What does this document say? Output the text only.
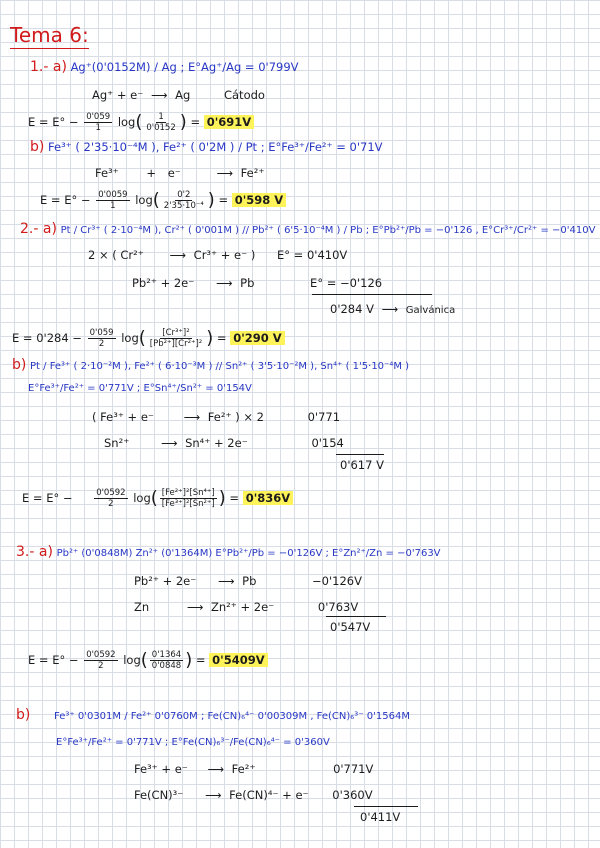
Tema 6:
1.- a) Ag⁺(0'0152M) / Ag ; E°Ag⁺/Ag = 0'799V
Ag⁺ + e⁻ ⟶ Ag	Cátodo
$E = E^\circ - \frac{0'059}{1} \log( \frac{1}{0'0152}$ ) = 0'691V
b) Fe³⁺ ( 2'35·10⁻⁴M ), Fe²⁺ ( 0'2M ) / Pt ; E°Fe³⁺/Fe²⁺ = 0'71V
Fe³⁺ + e⁻	⟶ Fe²⁺
$E = E^\circ - \frac{0'0059}{1} \log( \frac{0'2}{\text{2'35·10⁻⁴}}$ ) = 0'598 V
2.- a) Pt / Cr³⁺ ( 2·10⁻⁴M ), Cr²⁺ ( 0'001M ) // Pb²⁺ ( 6'5·10⁻⁴M ) / Pb ; E°Pb²⁺/Pb = −0'126 , E°Cr³⁺/Cr²⁺ = −0'410V
2 × ( Cr²⁺ ⟶ Cr³⁺ + e⁻ ) E° = 0'410V
Pb²⁺ + 2e⁻ ⟶ Pb	E° = −0'126
0'284 V ⟶ Galvánica
$E = 0'284 - \frac{0'059}{2} \log( \frac{\text{[Cr³⁺]²}}{\text{[Pb²⁺][Cr²⁺]²}}$ ) = 0'290 V
b) Pt / Fe³⁺ ( 2·10⁻²M ), Fe²⁺ ( 6·10⁻³M ) // Sn²⁺ ( 3'5·10⁻²M ), Sn⁴⁺ ( 1'5·10⁻⁴M )
E°Fe³⁺/Fe²⁺ = 0'771V ; E°Sn⁴⁺/Sn²⁺ = 0'154V
( Fe³⁺ + e⁻	⟶ Fe²⁺ ) × 2	0'771
Sn²⁺	⟶ Sn⁴⁺ + 2e⁻	0'154
0'617 V
E = E° −	$\frac{0'0592}{2} \log( \frac{\text{[Fe²⁺]²[Sn⁴⁺]}}{\text{[Fe³⁺]²[Sn²⁺]}}$ ) = 0'836V
3.- a) Pb²⁺ (0'0848M) Zn²⁺ (0'1364M) E°Pb²⁺/Pb = −0'126V ; E°Zn²⁺/Zn = −0'763V
Pb²⁺ + 2e⁻ ⟶ Pb	−0'126V
Zn	⟶ Zn²⁺ + 2e⁻	0'763V
0'547V
$E = E^\circ - \frac{0'0592}{2} \log( \frac{0'1364}{0'0848}$ ) = 0'5409V
b) Fe³⁺ 0'0301M / Fe²⁺ 0'0760M ; Fe(CN)₆⁴⁻ 0'00309M , Fe(CN)₆³⁻ 0'1564M
E°Fe³⁺/Fe²⁺ = 0'771V ; E°Fe(CN)₆³⁻/Fe(CN)₆⁴⁻ = 0'360V
Fe³⁺ + e⁻ ⟶ Fe²⁺	0'771V
Fe(CN)³⁻ ⟶ Fe(CN)⁴⁻ + e⁻ 0'360V
0'411V
